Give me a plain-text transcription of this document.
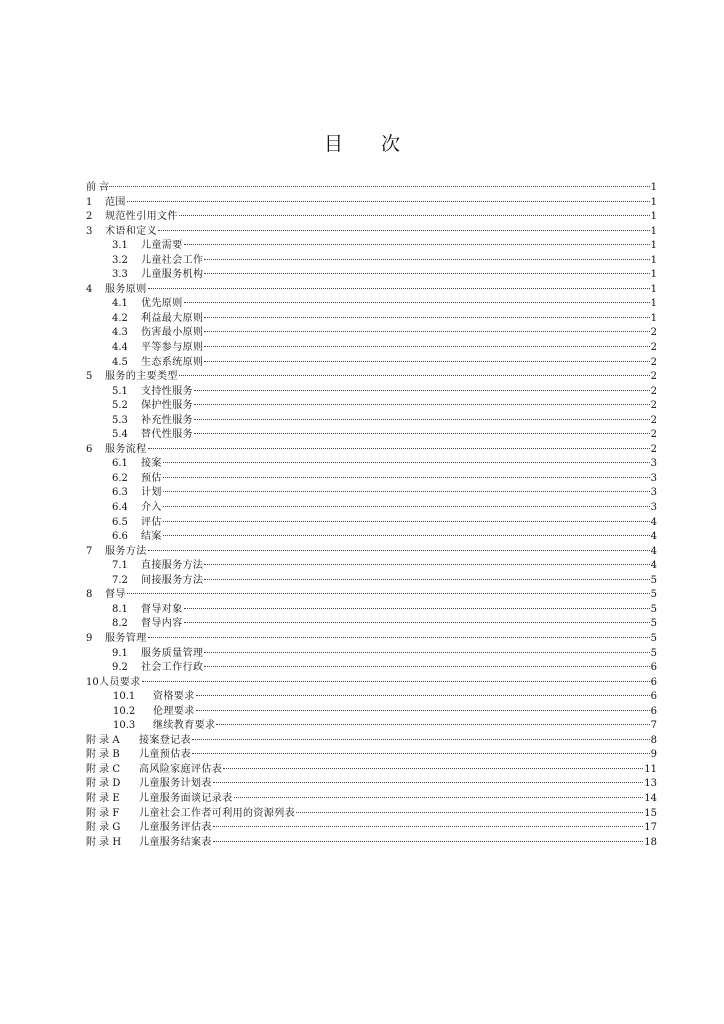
目 次
前 言	1
1	范围	1
2	规范性引用文件	1
3	术语和定义	1
3.1	儿童需要	1
3.2	儿童社会工作	1
3.3	儿童服务机构	1
4	服务原则	1
4.1	优先原则	1
4.2	利益最大原则	1
4.3	伤害最小原则	2
4.4	平等参与原则	2
4.5	生态系统原则	2
5	服务的主要类型	2
5.1	支持性服务	2
5.2	保护性服务	2
5.3	补充性服务	2
5.4	替代性服务	2
6	服务流程	2
6.1	接案	3
6.2	预估	3
6.3	计划	3
6.4	介入	3
6.5	评估	4
6.6	结案	4
7	服务方法	4
7.1	直接服务方法	4
7.2	间接服务方法	5
8	督导	5
8.1	督导对象	5
8.2	督导内容	5
9	服务管理	5
9.1	服务质量管理	5
9.2	社会工作行政	6
10 人员要求	6
10.1	资格要求	6
10.2	伦理要求	6
10.3	继续教育要求	7
附 录 A	接案登记表	8
附 录 B	儿童预估表	9
附 录 C	高风险家庭评估表	11
附 录 D	儿童服务计划表	13
附 录 E	儿童服务面谈记录表	14
附 录 F	儿童社会工作者可利用的资源列表	15
附 录 G	儿童服务评估表	17
附 录 H	儿童服务结案表	18
